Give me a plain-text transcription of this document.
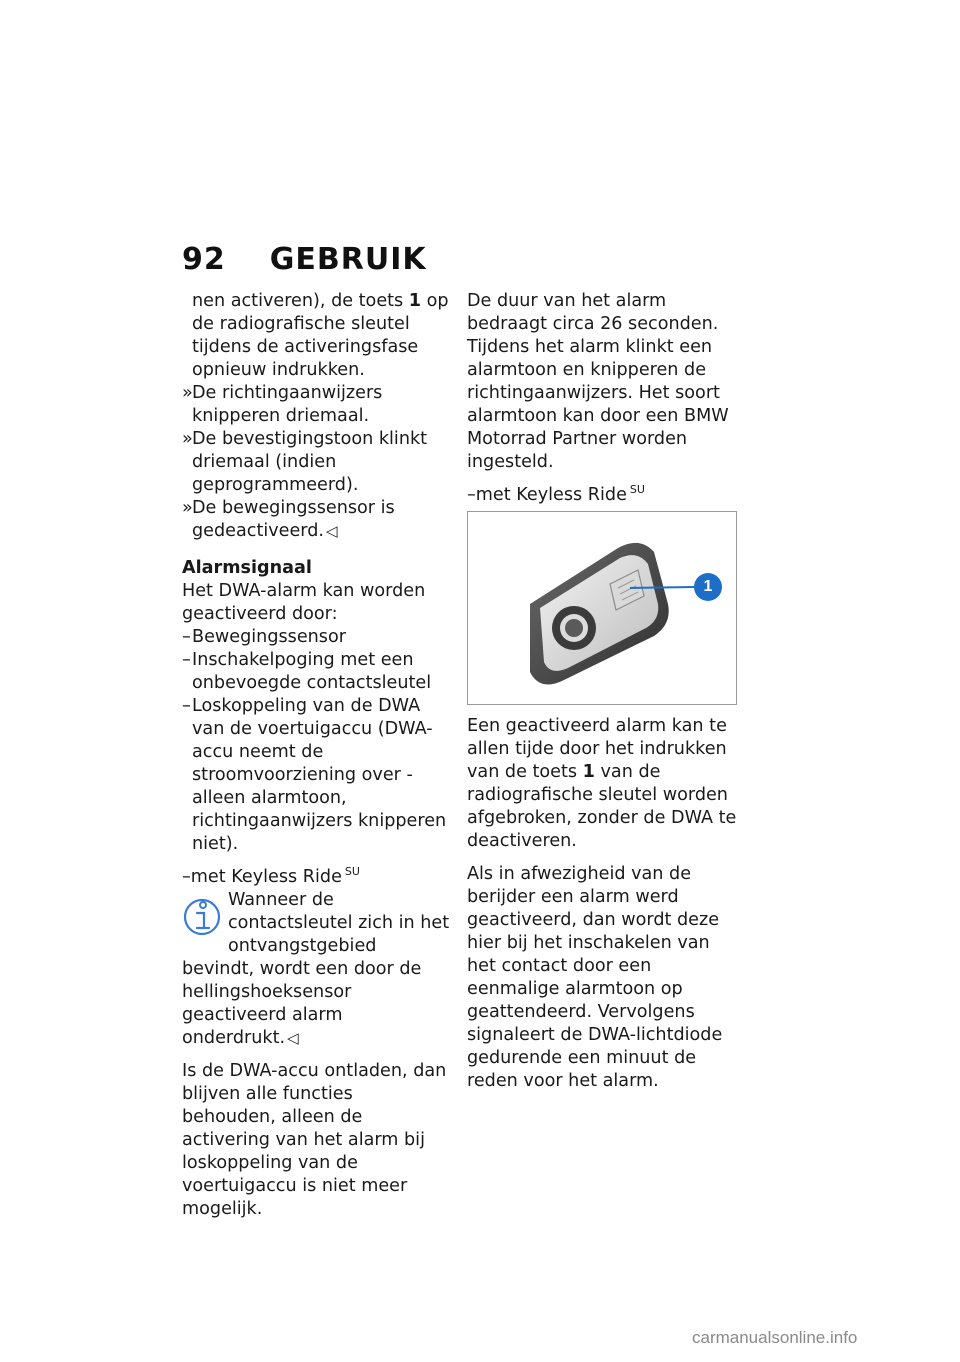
92 GEBRUIK

nen activeren), de toets 1 op de radiografische sleutel tijdens de activeringsfase opnieuw indrukken.

» De richtingaanwijzers knipperen driemaal.
» De bevestigingstoon klinkt driemaal (indien geprogrammeerd).
» De bewegingssensor is gedeactiveerd. ◁

Alarmsignaal

Het DWA-alarm kan worden geactiveerd door:

– Bewegingssensor
– Inschakelpoging met een onbevoegde contactsleutel
– Loskoppeling van de DWA van de voertuigaccu (DWA-accu neemt de stroomvoorziening over - alleen alarmtoon, richtingaanwijzers knipperen niet).

–met Keyless Ride $^{SU}$

Wanneer de contactsleutel zich in het ontvangstgebied bevindt, wordt een door de hellingshoeksensor geactiveerd alarm onderdrukt. ◁

Is de DWA-accu ontladen, dan blijven alle functies behouden, alleen de activering van het alarm bij loskoppeling van de voertuigaccu is niet meer mogelijk.

De duur van het alarm bedraagt circa 26 seconden. Tijdens het alarm klinkt een alarmtoon en knipperen de richtingaanwijzers. Het soort alarmtoon kan door een BMW Motorrad Partner worden ingesteld.

–met Keyless Ride $^{SU}$

1

Een geactiveerd alarm kan te allen tijde door het indrukken van de toets 1 van de radiografische sleutel worden afgebroken, zonder de DWA te deactiveren.

Als in afwezigheid van de berijder een alarm werd geactiveerd, dan wordt deze hier bij het inschakelen van het contact door een eenmalige alarmtoon op geattendeerd. Vervolgens signaleert de DWA-lichtdiode gedurende een minuut de reden voor het alarm.

carmanualsonline.info
